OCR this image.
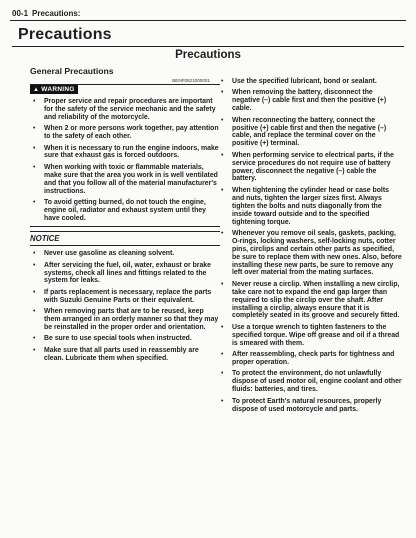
00-1 Precautions:
Precautions
Precautions
General Precautions
BENF0821000001
▲ WARNING
• Proper service and repair procedures are important for the safety of the service mechanic and the safety and reliability of the motorcycle.
• When 2 or more persons work together, pay attention to the safety of each other.
• When it is necessary to run the engine indoors, make sure that exhaust gas is forced outdoors.
• When working with toxic or flammable materials, make sure that the area you work in is well ventilated and that you follow all of the material manufacturer's instructions.
• To avoid getting burned, do not touch the engine, engine oil, radiator and exhaust system until they have cooled.
NOTICE
• Never use gasoline as cleaning solvent.
• After servicing the fuel, oil, water, exhaust or brake systems, check all lines and fittings related to the system for leaks.
• If parts replacement is necessary, replace the parts with Suzuki Genuine Parts or their equivalent.
• When removing parts that are to be reused, keep them arranged in an orderly manner so that they may be reinstalled in the proper order and orientation.
• Be sure to use special tools when instructed.
• Make sure that all parts used in reassembly are clean. Lubricate them when specified.
• Use the specified lubricant, bond or sealant.
• When removing the battery, disconnect the negative (–) cable first and then the positive (+) cable.
• When reconnecting the battery, connect the positive (+) cable first and then the negative (–) cable, and replace the terminal cover on the positive (+) terminal.
• When performing service to electrical parts, if the service procedures do not require use of battery power, disconnect the negative (–) cable the battery.
• When tightening the cylinder head or case bolts and nuts, tighten the larger sizes first. Always tighten the bolts and nuts diagonally from the inside toward outside and to the specified tightening torque.
• Whenever you remove oil seals, gaskets, packing, O-rings, locking washers, self-locking nuts, cotter pins, circlips and certain other parts as specified, be sure to replace them with new ones. Also, before installing these new parts, be sure to remove any left over material from the mating surfaces.
• Never reuse a circlip. When installing a new circlip, take care not to expand the end gap larger than required to slip the circlip over the shaft. After installing a circlip, always ensure that it is completely seated in its groove and securely fitted.
• Use a torque wrench to tighten fasteners to the specified torque. Wipe off grease and oil if a thread is smeared with them.
• After reassembling, check parts for tightness and proper operation.
• To protect the environment, do not unlawfully dispose of used motor oil, engine coolant and other fluids: batteries, and tires.
• To protect Earth's natural resources, properly dispose of used motorcycle and parts.
